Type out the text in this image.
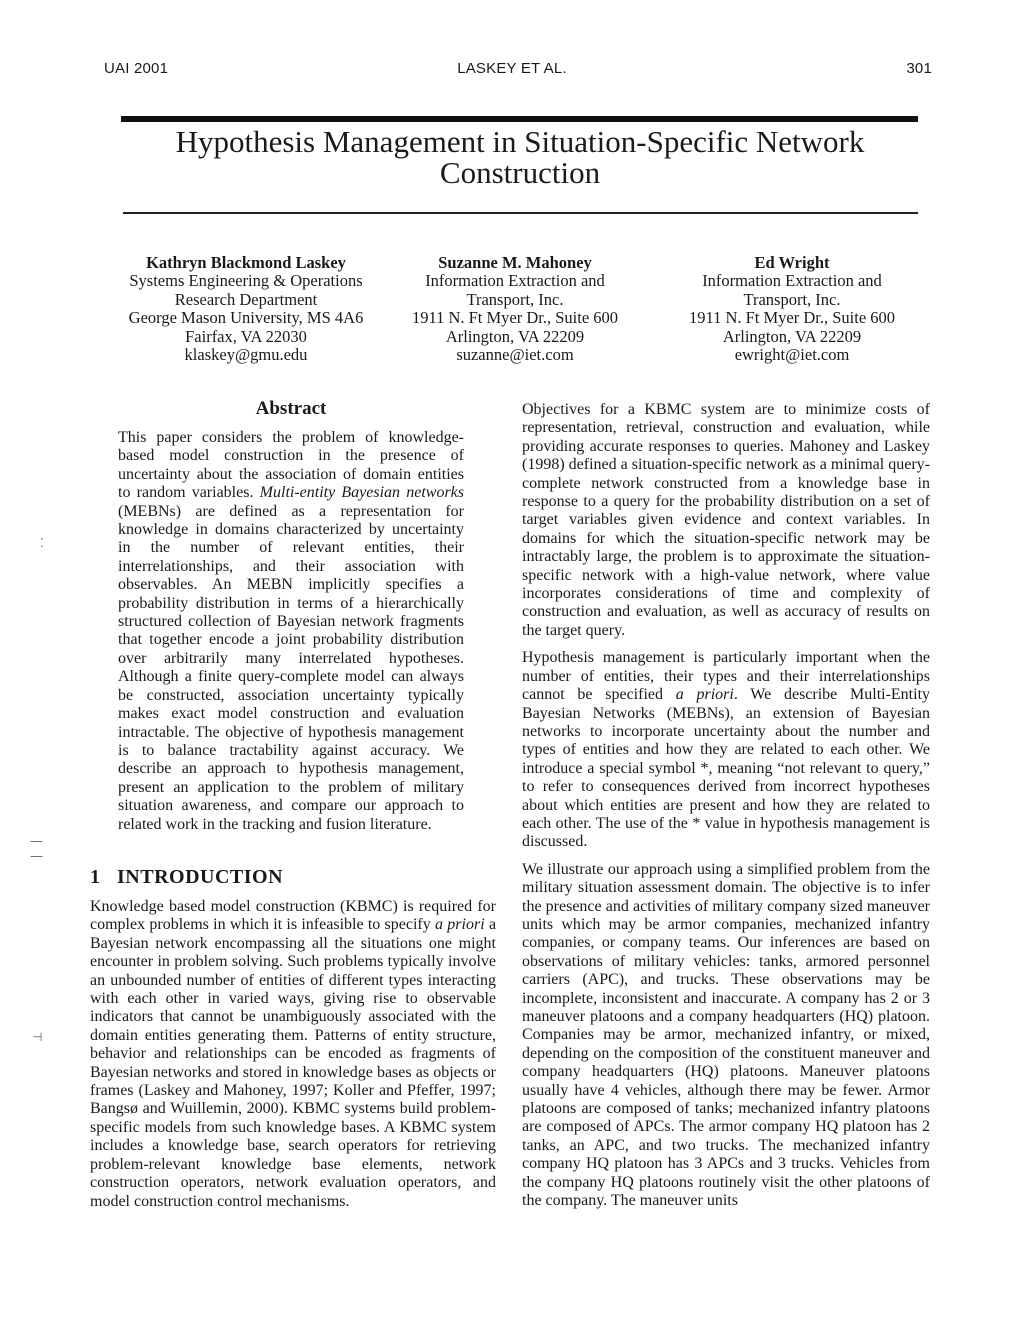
UAI 2001	LASKEY ET AL.	301
Hypothesis Management in Situation-Specific Network Construction
Kathryn Blackmond Laskey
Systems Engineering & Operations
Research Department
George Mason University, MS 4A6
Fairfax, VA 22030
klaskey@gmu.edu
Suzanne M. Mahoney
Information Extraction and
Transport, Inc.
1911 N. Ft Myer Dr., Suite 600
Arlington, VA 22209
suzanne@iet.com
Ed Wright
Information Extraction and
Transport, Inc.
1911 N. Ft Myer Dr., Suite 600
Arlington, VA 22209
ewright@iet.com
Abstract
This paper considers the problem of knowledge-based model construction in the presence of uncertainty about the association of domain entities to random variables. Multi-entity Bayesian networks (MEBNs) are defined as a representation for knowledge in domains characterized by uncertainty in the number of relevant entities, their interrelationships, and their association with observables. An MEBN implicitly specifies a probability distribution in terms of a hierarchically structured collection of Bayesian network fragments that together encode a joint probability distribution over arbitrarily many interrelated hypotheses. Although a finite query-complete model can always be constructed, association uncertainty typically makes exact model construction and evaluation intractable. The objective of hypothesis management is to balance tractability against accuracy. We describe an approach to hypothesis management, present an application to the problem of military situation awareness, and compare our approach to related work in the tracking and fusion literature.
1 INTRODUCTION

Knowledge based model construction (KBMC) is required for complex problems in which it is infeasible to specify a priori a Bayesian network encompassing all the situations one might encounter in problem solving. Such problems typically involve an unbounded number of entities of different types interacting with each other in varied ways, giving rise to observable indicators that cannot be unambiguously associated with the domain entities generating them. Patterns of entity structure, behavior and relationships can be encoded as fragments of Bayesian networks and stored in knowledge bases as objects or frames (Laskey and Mahoney, 1997; Koller and Pfeffer, 1997; Bangsø and Wuillemin, 2000). KBMC systems build problem-specific models from such knowledge bases. A KBMC system includes a knowledge base, search operators for retrieving problem-relevant knowledge base elements, network construction operators, network evaluation operators, and model construction control mechanisms.

Objectives for a KBMC system are to minimize costs of representation, retrieval, construction and evaluation, while providing accurate responses to queries. Mahoney and Laskey (1998) defined a situation-specific network as a minimal query-complete network constructed from a knowledge base in response to a query for the probability distribution on a set of target variables given evidence and context variables. In domains for which the situation-specific network may be intractably large, the problem is to approximate the situation-specific network with a high-value network, where value incorporates considerations of time and complexity of construction and evaluation, as well as accuracy of results on the target query.

Hypothesis management is particularly important when the number of entities, their types and their interrelationships cannot be specified a priori. We describe Multi-Entity Bayesian Networks (MEBNs), an extension of Bayesian networks to incorporate uncertainty about the number and types of entities and how they are related to each other. We introduce a special symbol *, meaning “not relevant to query,” to refer to consequences derived from incorrect hypotheses about which entities are present and how they are related to each other. The use of the * value in hypothesis management is discussed.

We illustrate our approach using a simplified problem from the military situation assessment domain. The objective is to infer the presence and activities of military company sized maneuver units which may be armor companies, mechanized infantry companies, or company teams. Our inferences are based on observations of military vehicles: tanks, armored personnel carriers (APC), and trucks. These observations may be incomplete, inconsistent and inaccurate. A company has 2 or 3 maneuver platoons and a company headquarters (HQ) platoon. Companies may be armor, mechanized infantry, or mixed, depending on the composition of the constituent maneuver and company headquarters (HQ) platoons. Maneuver platoons usually have 4 vehicles, although there may be fewer. Armor platoons are composed of tanks; mechanized infantry platoons are composed of APCs. The armor company HQ platoon has 2 tanks, an APC, and two trucks. The mechanized infantry company HQ platoon has 3 APCs and 3 trucks. Vehicles from the company HQ platoons routinely visit the other platoons of the company. The maneuver units

⁚
—
—
⊣
